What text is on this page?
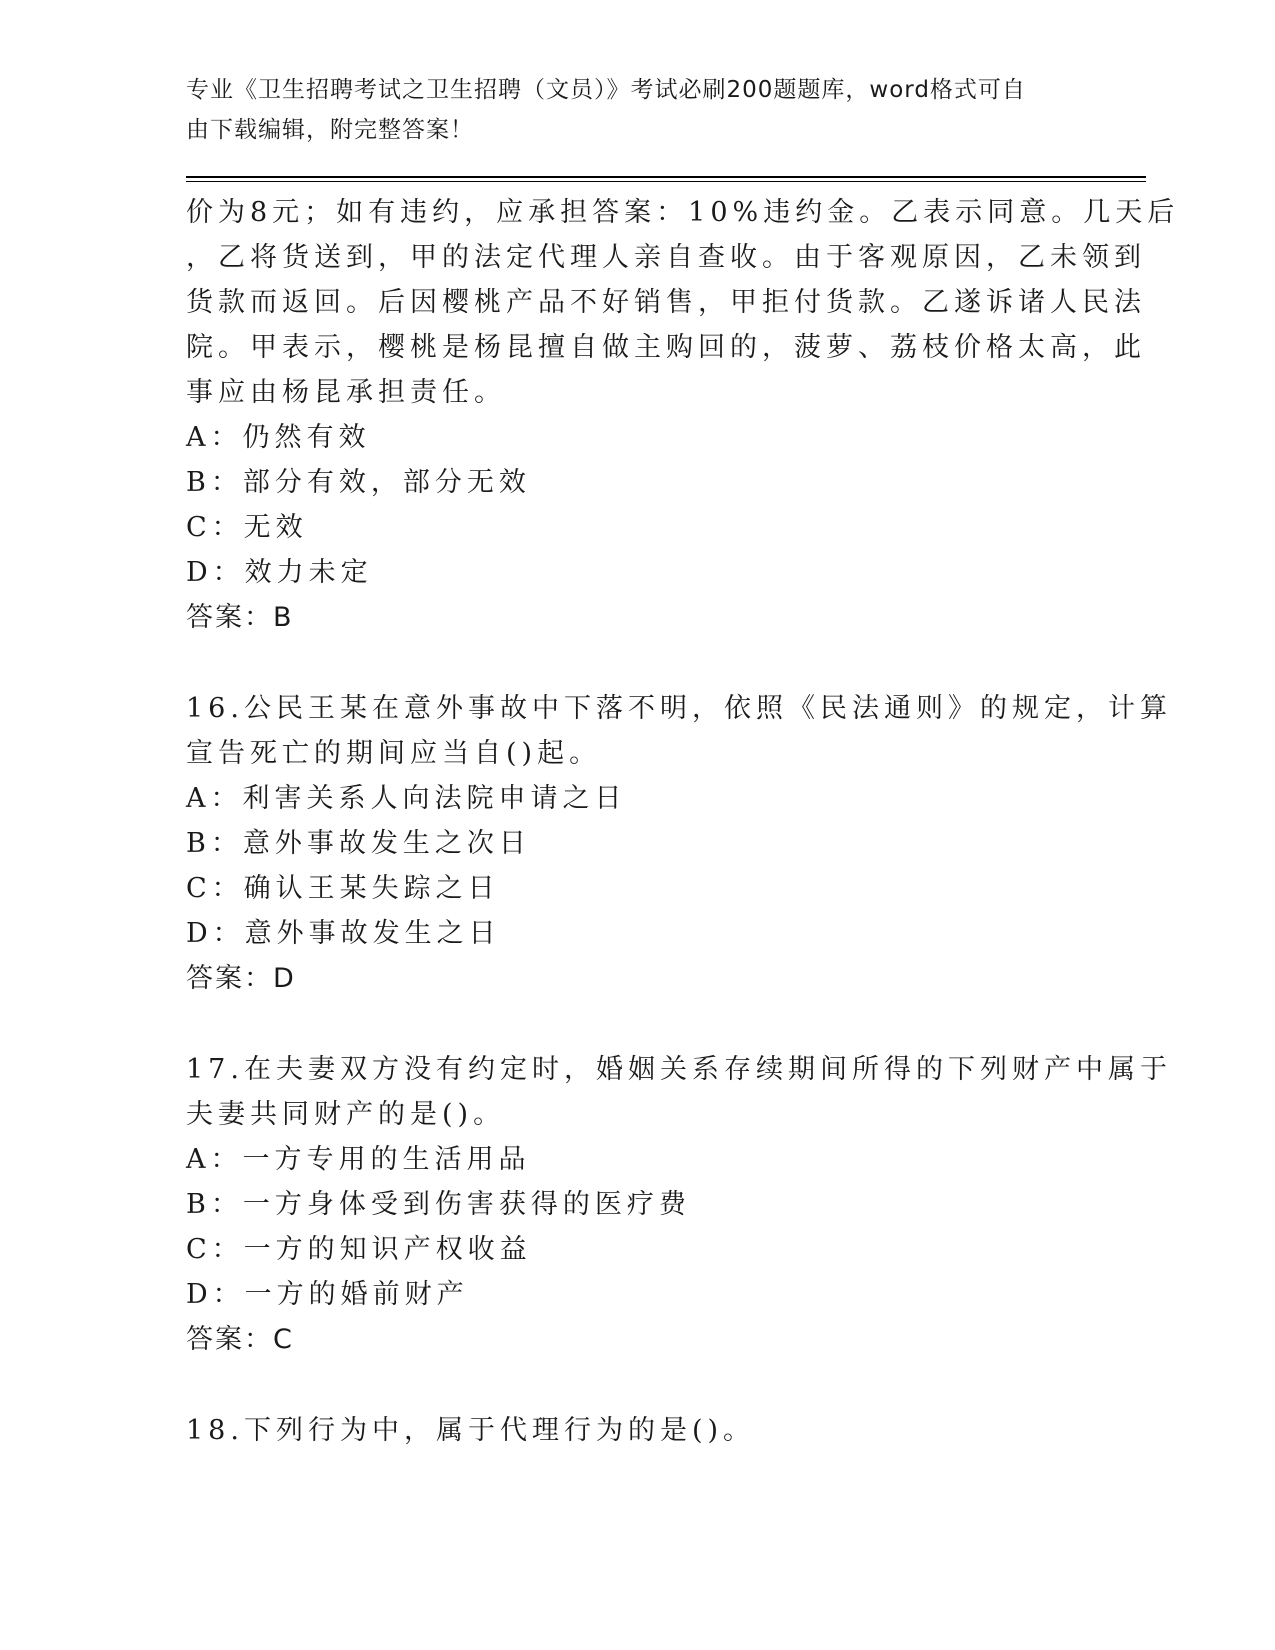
专业《卫生招聘考试之卫生招聘（文员）》考试必刷200题题库，word格式可自
由下载编辑，附完整答案！
价为8元；如有违约，应承担答案：10%违约金。乙表示同意。几天后
，乙将货送到，甲的法定代理人亲自查收。由于客观原因，乙未领到
货款而返回。后因樱桃产品不好销售，甲拒付货款。乙遂诉诸人民法
院。甲表示，樱桃是杨昆擅自做主购回的，菠萝、荔枝价格太高，此
事应由杨昆承担责任。
A：仍然有效
B：部分有效，部分无效
C：无效
D：效力未定
答案：B
16.公民王某在意外事故中下落不明，依照《民法通则》的规定，计算
宣告死亡的期间应当自()起。
A：利害关系人向法院申请之日
B：意外事故发生之次日
C：确认王某失踪之日
D：意外事故发生之日
答案：D
17.在夫妻双方没有约定时，婚姻关系存续期间所得的下列财产中属于
夫妻共同财产的是()。
A：一方专用的生活用品
B：一方身体受到伤害获得的医疗费
C：一方的知识产权收益
D：一方的婚前财产
答案：C
18.下列行为中，属于代理行为的是()。
